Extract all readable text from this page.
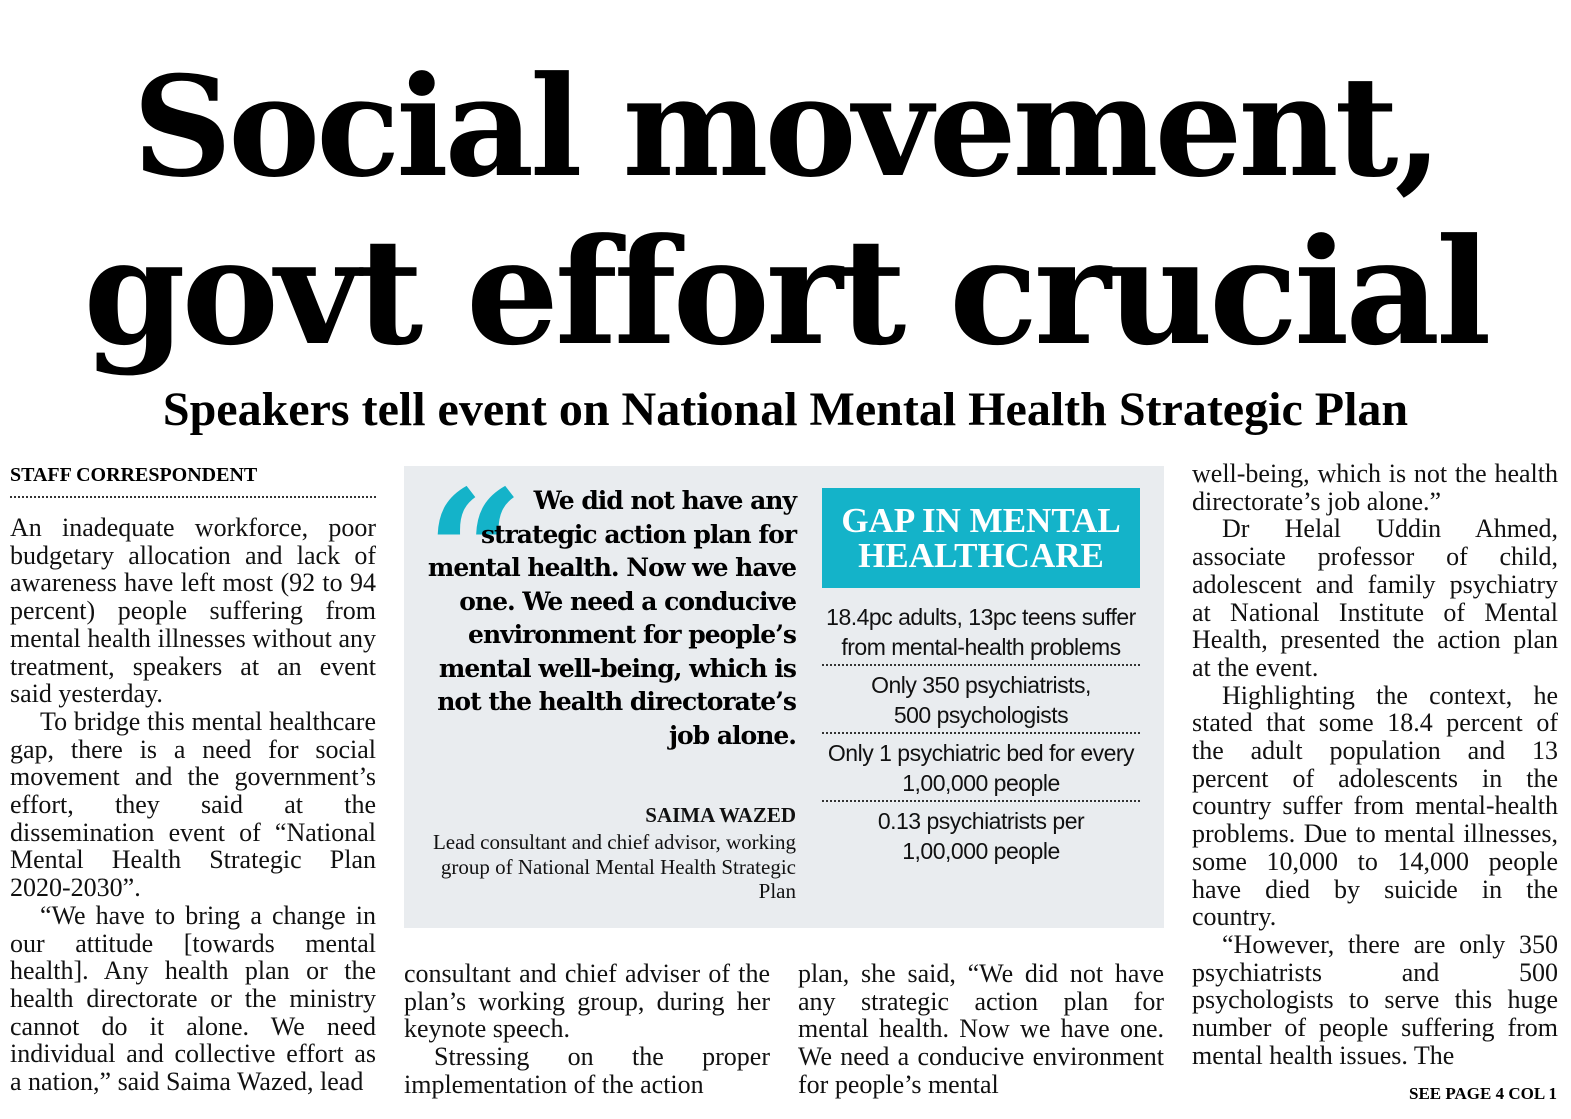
Social movement,
govt effort crucial
Speakers tell event on National Mental Health Strategic Plan
STAFF CORRESPONDENT

An inadequate workforce, poor budgetary allocation and lack of awareness have left most (92 to 94 percent) people suffering from mental health illnesses without any treatment, speakers at an event said yesterday.

To bridge this mental healthcare gap, there is a need for social movement and the government’s effort, they said at the dissemination event of “National Mental Health Strategic Plan 2020-2030”.

“We have to bring a change in our attitude [towards mental health]. Any health plan or the health directorate or the ministry cannot do it alone. We need individual and collective effort as a nation,” said Saima Wazed, lead

“ We did not have any strategic action plan for mental health. Now we have one. We need a conducive environment for people’s mental well-being, which is not the health directorate’s job alone.

SAIMA WAZED
Lead consultant and chief advisor, working group of National Mental Health Strategic Plan
GAP IN MENTAL
HEALTHCARE
18.4pc adults, 13pc teens suffer
from mental-health problems
Only 350 psychiatrists,
500 psychologists
Only 1 psychiatric bed for every
1,00,000 people
0.13 psychiatrists per
1,00,000 people

consultant and chief adviser of the plan’s working group, during her keynote speech.

Stressing on the proper implementation of the action

plan, she said, “We did not have any strategic action plan for mental health. Now we have one. We need a conducive environment for people’s mental

well-being, which is not the health directorate’s job alone.”

Dr Helal Uddin Ahmed, associate professor of child, adolescent and family psychiatry at National Institute of Mental Health, presented the action plan at the event.

Highlighting the context, he stated that some 18.4 percent of the adult population and 13 percent of adolescents in the country suffer from mental-health problems. Due to mental illnesses, some 10,000 to 14,000 people have died by suicide in the country.

“However, there are only 350 psychiatrists and 500 psychologists to serve this huge number of people suffering from mental health issues. The

SEE PAGE 4 COL 1
